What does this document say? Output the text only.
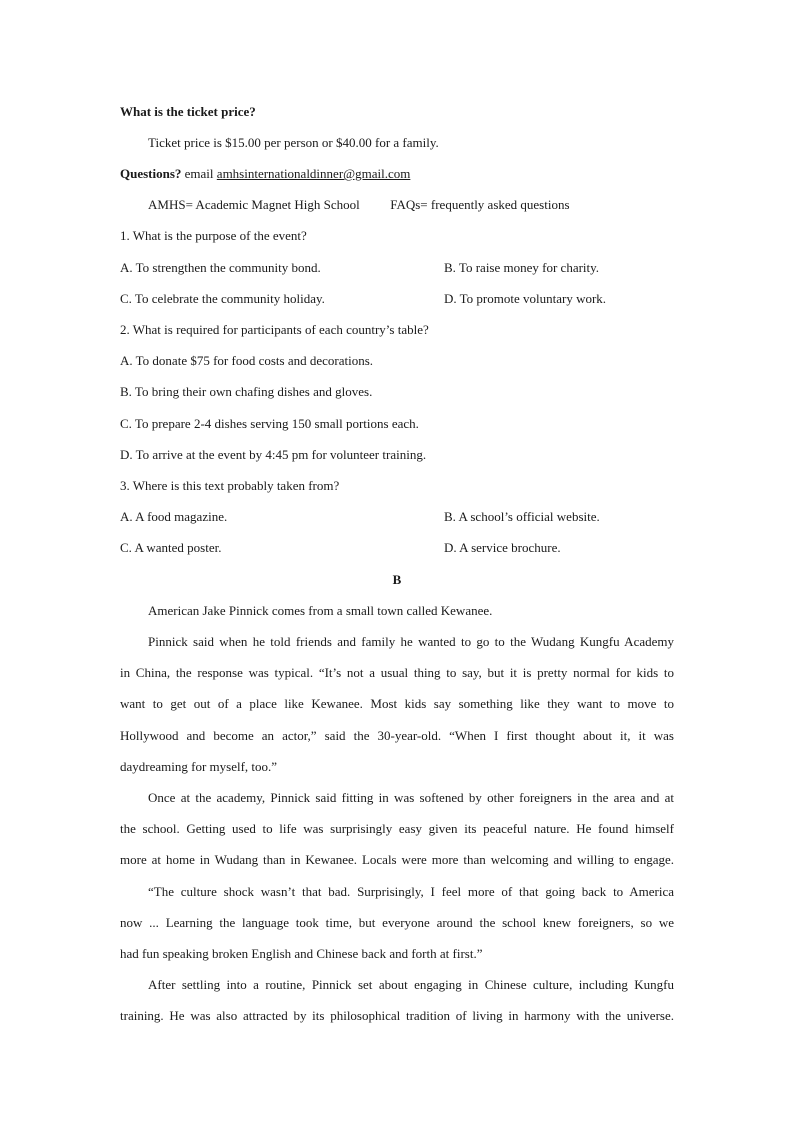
What is the ticket price?
Ticket price is $15.00 per person or $40.00 for a family.
Questions? email amhsinternationaldinner@gmail.com
AMHS= Academic Magnet High School FAQs= frequently asked questions
1. What is the purpose of the event?
A. To strengthen the community bond.	B. To raise money for charity.
C. To celebrate the community holiday.	D. To promote voluntary work.
2. What is required for participants of each country’s table?
A. To donate $75 for food costs and decorations.
B. To bring their own chafing dishes and gloves.
C. To prepare 2-4 dishes serving 150 small portions each.
D. To arrive at the event by 4:45 pm for volunteer training.
3. Where is this text probably taken from?
A. A food magazine.	B. A school’s official website.
C. A wanted poster.	D. A service brochure.
B
American Jake Pinnick comes from a small town called Kewanee.
Pinnick said when he told friends and family he wanted to go to the Wudang Kungfu Academy
in China, the response was typical. “It’s not a usual thing to say, but it is pretty normal for kids to
want to get out of a place like Kewanee. Most kids say something like they want to move to
Hollywood and become an actor,” said the 30-year-old. “When I first thought about it, it was
daydreaming for myself, too.”
Once at the academy, Pinnick said fitting in was softened by other foreigners in the area and at
the school. Getting used to life was surprisingly easy given its peaceful nature. He found himself
more at home in Wudang than in Kewanee. Locals were more than welcoming and willing to engage.
“The culture shock wasn’t that bad. Surprisingly, I feel more of that going back to America
now ... Learning the language took time, but everyone around the school knew foreigners, so we
had fun speaking broken English and Chinese back and forth at first.”
After settling into a routine, Pinnick set about engaging in Chinese culture, including Kungfu
training. He was also attracted by its philosophical tradition of living in harmony with the universe.
